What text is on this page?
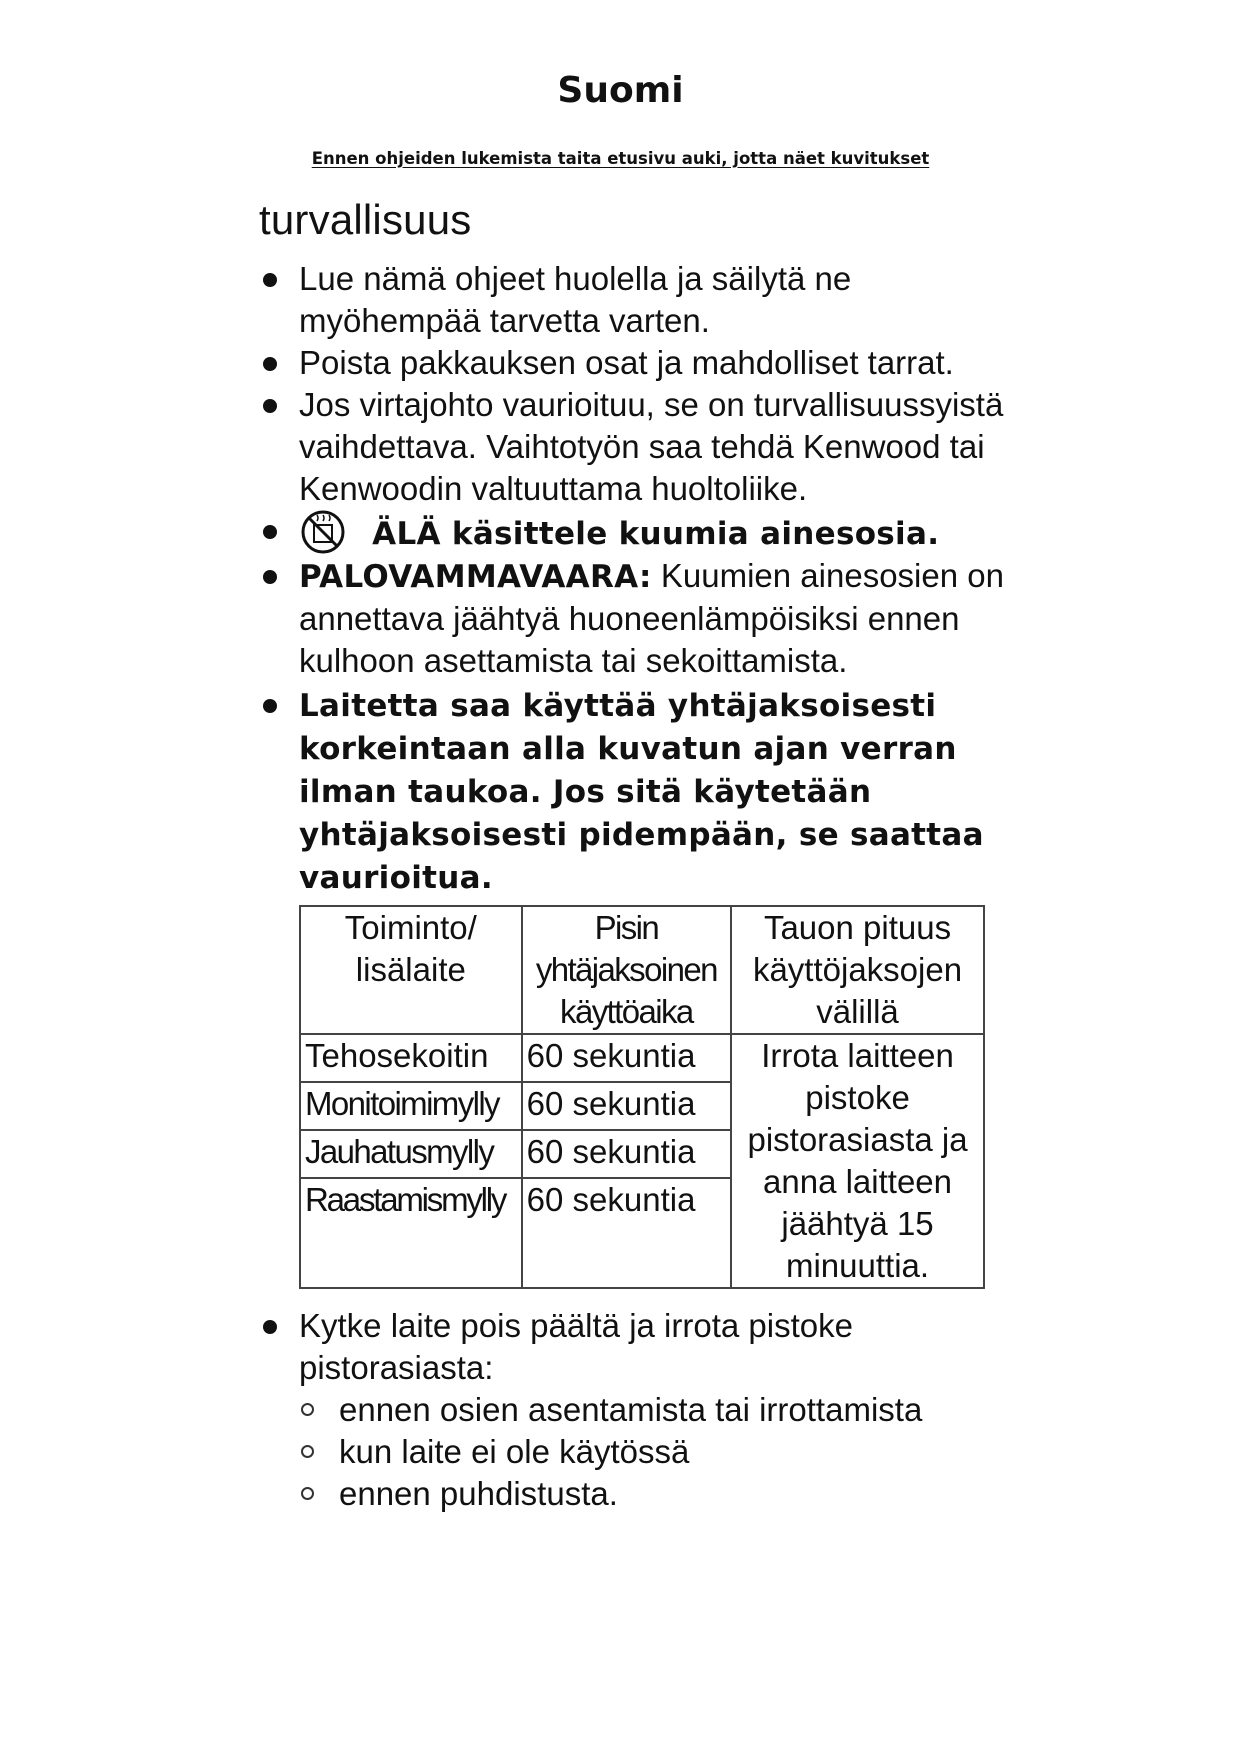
Suomi
Ennen ohjeiden lukemista taita etusivu auki, jotta näet kuvitukset
turvallisuus
Lue nämä ohjeet huolella ja säilytä ne myöhempää tarvetta varten.
Poista pakkauksen osat ja mahdolliset tarrat.
Jos virtajohto vaurioituu, se on turvallisuussyistä vaihdettava. Vaihtotyön saa tehdä Kenwood tai Kenwoodin valtuuttama huoltoliike.
ÄLÄ käsittele kuumia ainesosia.
PALOVAMMAVAARA: Kuumien ainesosien on annettava jäähtyä huoneenlämpöisiksi ennen kulhoon asettamista tai sekoittamista.
Laitetta saa käyttää yhtäjaksoisesti korkeintaan alla kuvatun ajan verran ilman taukoa. Jos sitä käytetään yhtäjaksoisesti pidempään, se saattaa vaurioitua.
Toiminto/ lisälaite	Pisin yhtäjaksoinen käyttöaika	Tauon pituus käyttöjaksojen välillä
Tehosekoitin	60 sekuntia	Irrota laitteen pistoke pistorasiasta ja anna laitteen jäähtyä 15 minuuttia.
Monitoimimylly	60 sekuntia	
Jauhatusmylly	60 sekuntia	
Raastamismylly	60 sekuntia	
Kytke laite pois päältä ja irrota pistoke pistorasiasta:
ennen osien asentamista tai irrottamista
kun laite ei ole käytössä
ennen puhdistusta.
